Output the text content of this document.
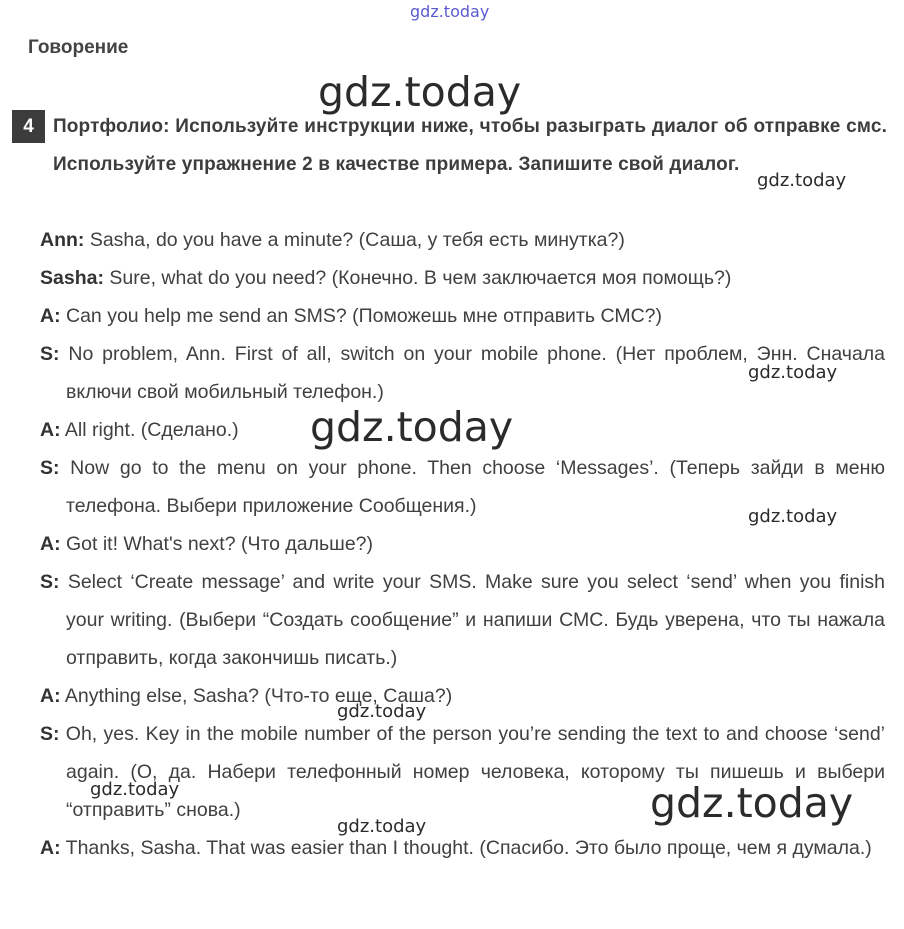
gdz.today
Говорение
gdz.today
4	Портфолио: Используйте инструкции ниже, чтобы разыграть диалог об отправке смс. Используйте упражнение 2 в качестве примера. Запишите свой диалог.
gdz.today
Ann: Sasha, do you have a minute? (Саша, у тебя есть минутка?)
Sasha: Sure, what do you need? (Конечно. В чем заключается моя помощь?)
A: Can you help me send an SMS? (Поможешь мне отправить СМС?)
S: No problem, Ann. First of all, switch on your mobile phone. (Нет проблем, Энн. Сначала включи свой мобильный телефон.)
A: All right. (Сделано.)
S: Now go to the menu on your phone. Then choose ‘Messages’. (Теперь зайди в меню телефона. Выбери приложение Сообщения.)
A: Got it! What's next? (Что дальше?)
S: Select ‘Create message’ and write your SMS. Make sure you select ‘send’ when you finish your writing. (Выбери “Создать сообщение” и напиши СМС. Будь уверена, что ты нажала отправить, когда закончишь писать.)
A: Anything else, Sasha? (Что-то еще, Саша?)
S: Oh, yes. Key in the mobile number of the person you’re sending the text to and choose ‘send’ again. (О, да. Набери телефонный номер человека, которому ты пишешь и выбери “отправить” снова.)
A: Thanks, Sasha. That was easier than I thought. (Спасибо. Это было проще, чем я думала.)
gdz.today
gdz.today
gdz.today
gdz.today
gdz.today	gdz.today
gdz.today
